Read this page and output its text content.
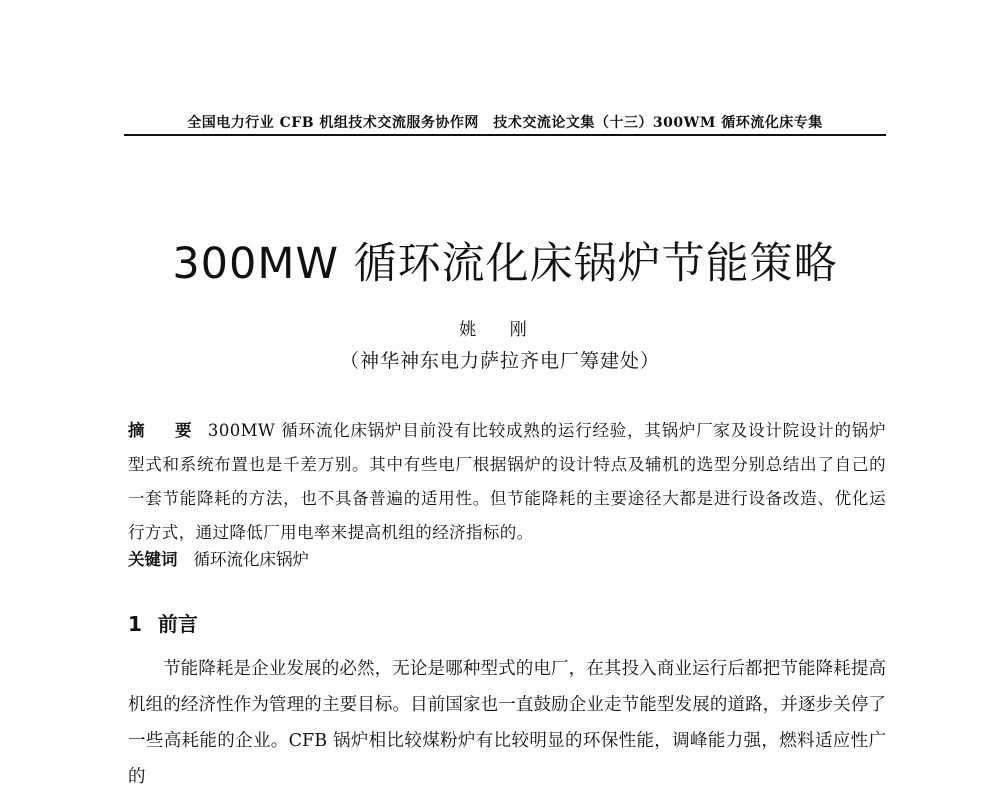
全国电力行业 CFB 机组技术交流服务协作网　技术交流论文集（十三）300WM 循环流化床专集
300MW 循环流化床锅炉节能策略
姚 刚
（神华神东电力萨拉齐电厂筹建处）
摘 要 300MW 循环流化床锅炉目前没有比较成熟的运行经验，其锅炉厂家及设计院设计的锅炉型式和系统布置也是千差万别。其中有些电厂根据锅炉的设计特点及辅机的选型分别总结出了自己的一套节能降耗的方法，也不具备普遍的适用性。但节能降耗的主要途径大都是进行设备改造、优化运行方式，通过降低厂用电率来提高机组的经济指标的。
关键词 循环流化床锅炉
1 前言
节能降耗是企业发展的必然，无论是哪种型式的电厂，在其投入商业运行后都把节能降耗提高机组的经济性作为管理的主要目标。目前国家也一直鼓励企业走节能型发展的道路，并逐步关停了一些高耗能的企业。CFB 锅炉相比较煤粉炉有比较明显的环保性能，调峰能力强，燃料适应性广的
